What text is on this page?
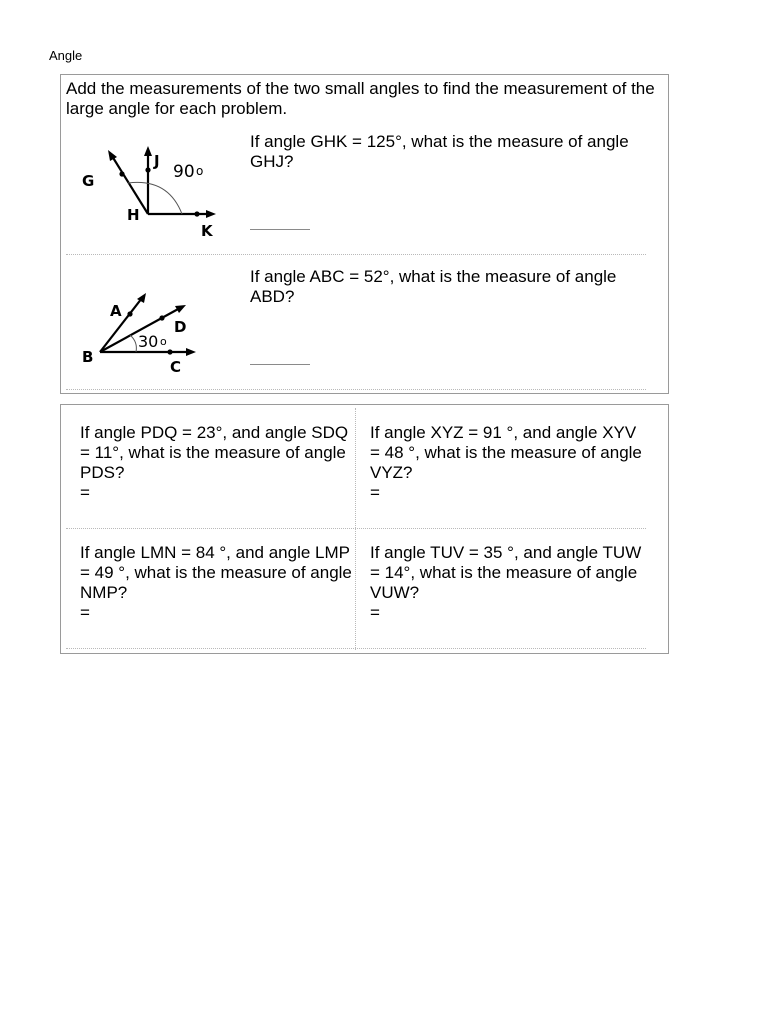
Angle
Add the measurements of the two small angles to find the measurement of the large angle for each problem.
G
H
J
K
90 o
If angle GHK = 125°, what is the measure of angle GHJ?
A
B
C
D
30 o
If angle ABC = 52°, what is the measure of angle ABD?
If angle PDQ = 23°, and angle SDQ = 11°, what is the measure of angle PDS?
=
If angle XYZ = 91 °, and angle XYV = 48 °, what is the measure of angle VYZ?
=
If angle LMN = 84 °, and angle LMP = 49 °, what is the measure of angle NMP?
=
If angle TUV = 35 °, and angle TUW = 14°, what is the measure of angle VUW?
=
